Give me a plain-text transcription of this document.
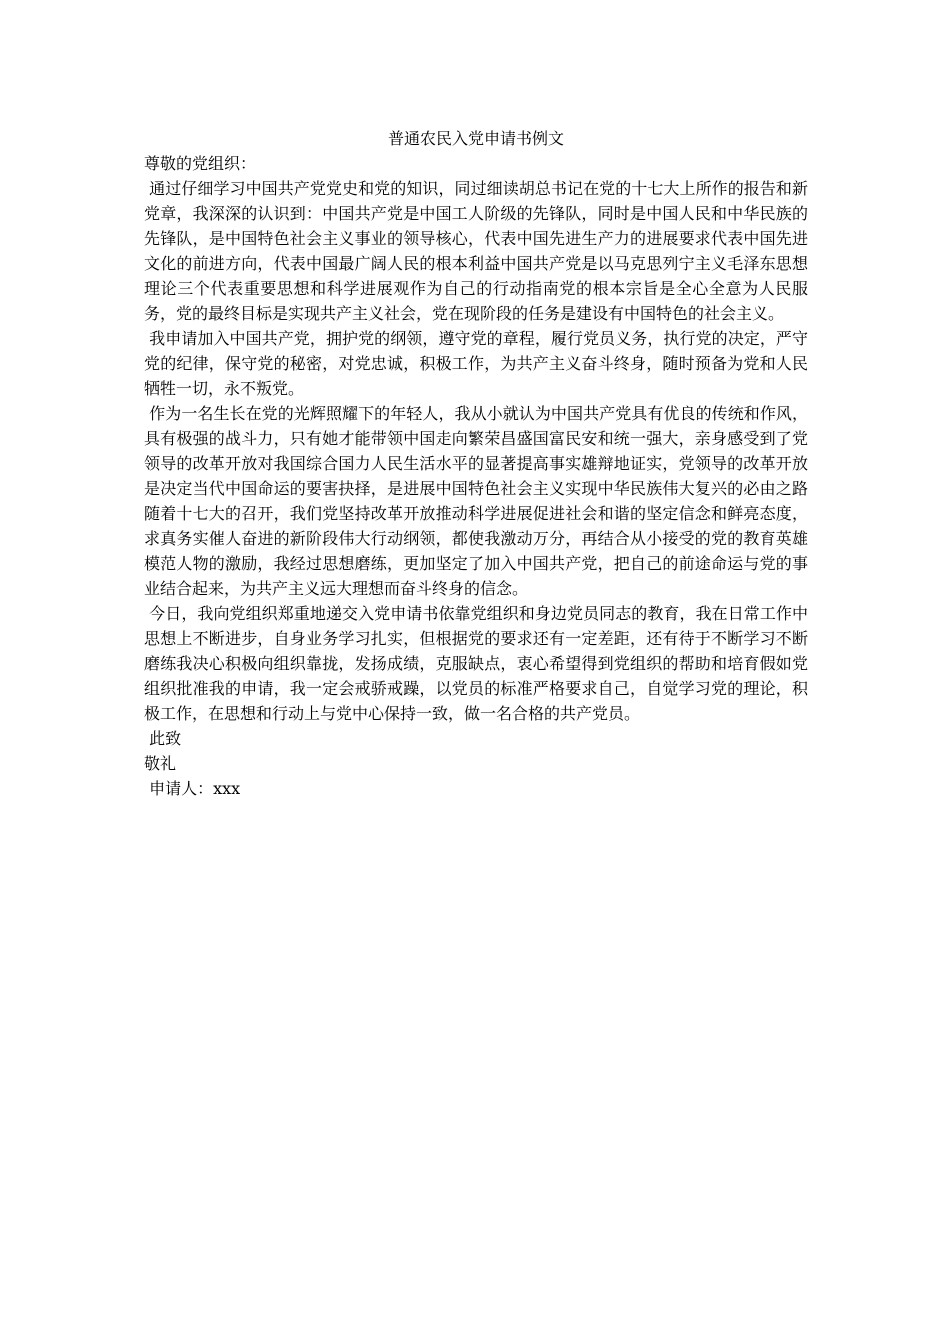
普通农民入党申请书例文

尊敬的党组织：

通过仔细学习中国共产党党史和党的知识，同过细读胡总书记在党的十七大上所作的报告和新党章，我深深的认识到：中国共产党是中国工人阶级的先锋队，同时是中国人民和中华民族的先锋队，是中国特色社会主义事业的领导核心，代表中国先进生产力的进展要求代表中国先进文化的前进方向，代表中国最广阔人民的根本利益中国共产党是以马克思列宁主义毛泽东思想理论三个代表重要思想和科学进展观作为自己的行动指南党的根本宗旨是全心全意为人民服务，党的最终目标是实现共产主义社会，党在现阶段的任务是建设有中国特色的社会主义。

我申请加入中国共产党，拥护党的纲领，遵守党的章程，履行党员义务，执行党的决定，严守党的纪律，保守党的秘密，对党忠诚，积极工作，为共产主义奋斗终身，随时预备为党和人民牺牲一切，永不叛党。

作为一名生长在党的光辉照耀下的年轻人，我从小就认为中国共产党具有优良的传统和作风，具有极强的战斗力，只有她才能带领中国走向繁荣昌盛国富民安和统一强大，亲身感受到了党领导的改革开放对我国综合国力人民生活水平的显著提高事实雄辩地证实，党领导的改革开放是决定当代中国命运的要害抉择，是进展中国特色社会主义实现中华民族伟大复兴的必由之路随着十七大的召开，我们党坚持改革开放推动科学进展促进社会和谐的坚定信念和鲜亮态度，求真务实催人奋进的新阶段伟大行动纲领，都使我激动万分，再结合从小接受的党的教育英雄模范人物的激励，我经过思想磨练，更加坚定了加入中国共产党，把自己的前途命运与党的事业结合起来，为共产主义远大理想而奋斗终身的信念。

今日，我向党组织郑重地递交入党申请书依靠党组织和身边党员同志的教育，我在日常工作中思想上不断进步，自身业务学习扎实，但根据党的要求还有一定差距，还有待于不断学习不断磨练我决心积极向组织靠拢，发扬成绩，克服缺点，衷心希望得到党组织的帮助和培育假如党组织批准我的申请，我一定会戒骄戒躁，以党员的标准严格要求自己，自觉学习党的理论，积极工作，在思想和行动上与党中心保持一致，做一名合格的共产党员。

此致

敬礼

申请人：xxx
